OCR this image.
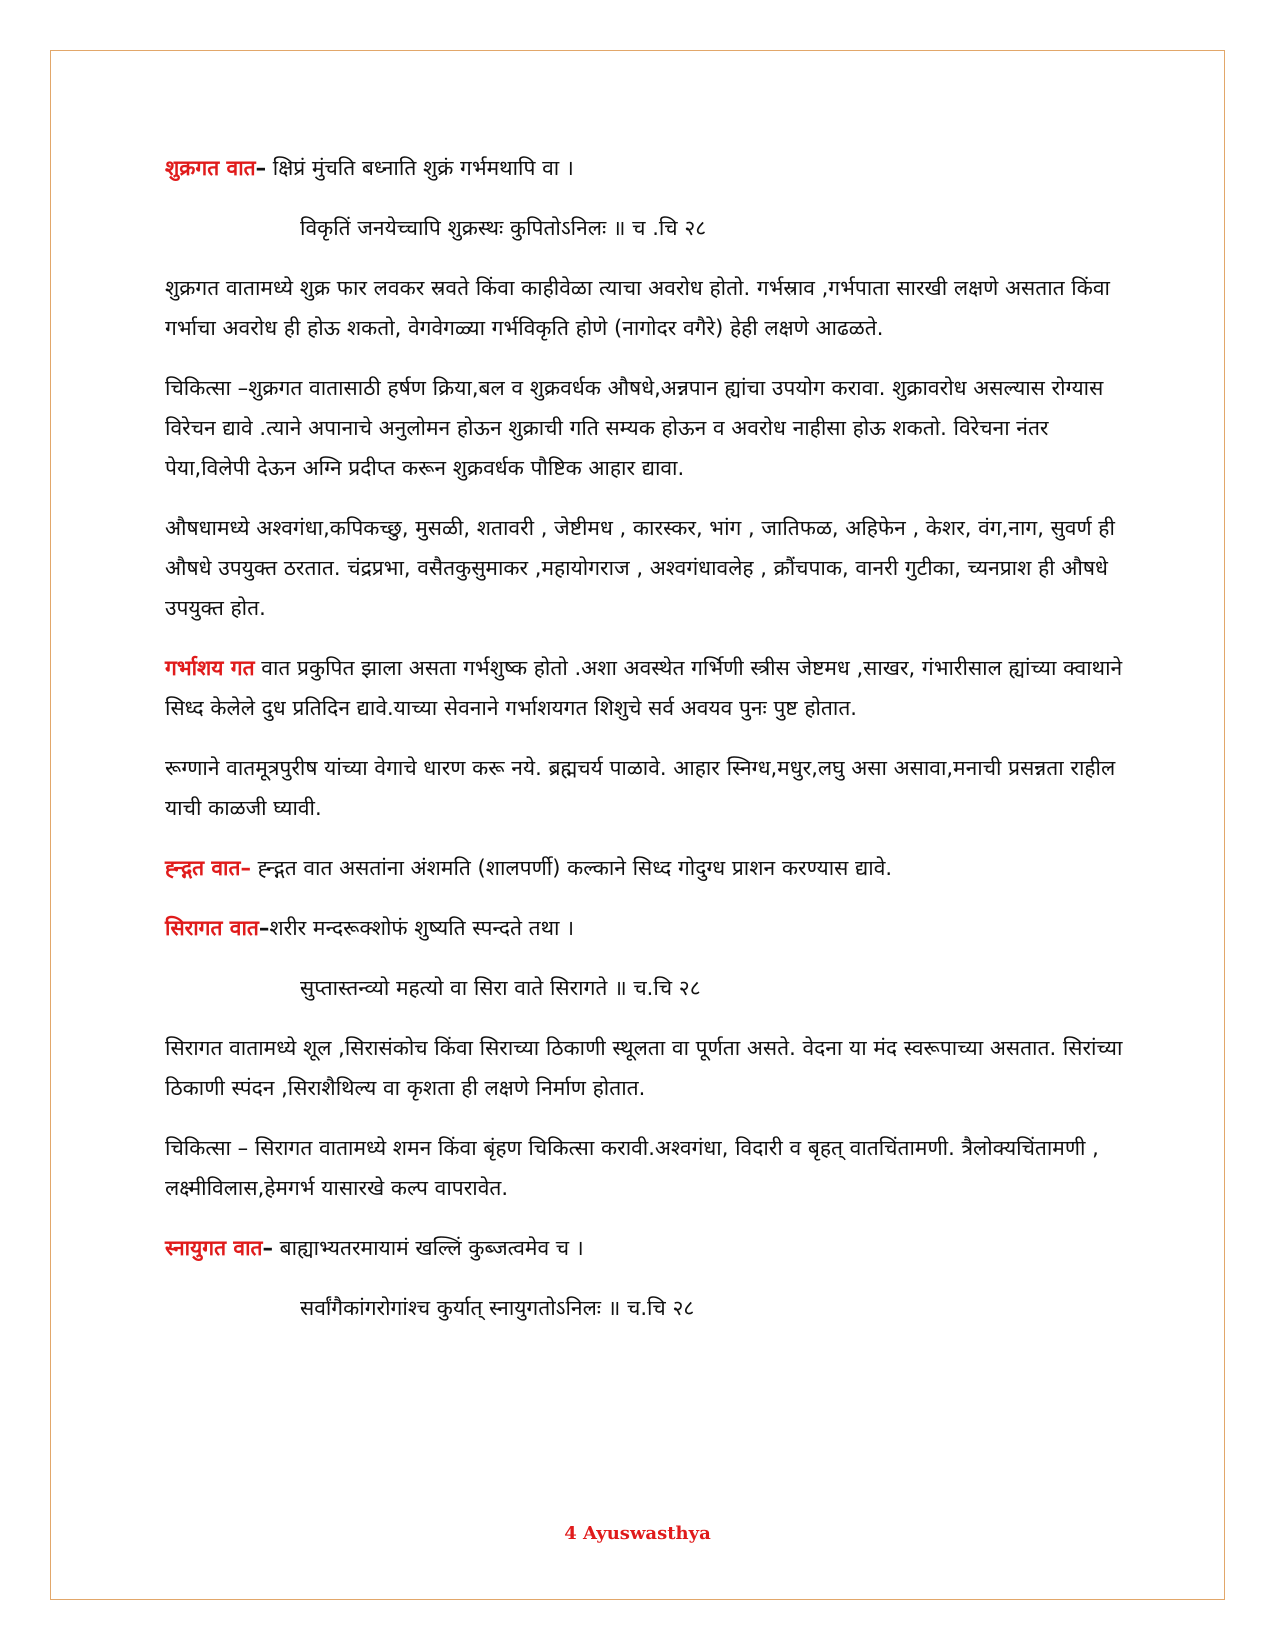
शुक्रगत वात– क्षिप्रं मुंचति बध्नाति शुक्रं गर्भमथापि वा ।

विकृतिं जनयेच्चापि शुक्रस्थः कुपितोऽनिलः ॥ च .चि २८

शुक्रगत वातामध्ये शुक्र फार लवकर स्रवते किंवा काहीवेळा त्याचा अवरोध होतो. गर्भस्राव ,गर्भपाता सारखी लक्षणे असतात किंवा गर्भाचा अवरोध ही होऊ शकतो, वेगवेगळ्या गर्भविकृति होणे (नागोदर वगैरे) हेही लक्षणे आढळते.

चिकित्सा –शुक्रगत वातासाठी हर्षण क्रिया,बल व शुक्रवर्धक औषधे,अन्नपान ह्यांचा उपयोग करावा. शुक्रावरोध असल्यास रोग्यास विरेचन द्यावे .त्याने अपानाचे अनुलोमन होऊन शुक्राची गति सम्यक होऊन व अवरोध नाहीसा होऊ शकतो. विरेचना नंतर पेया,विलेपी देऊन अग्नि प्रदीप्त करून शुक्रवर्धक पौष्टिक आहार द्यावा.

औषधामध्ये अश्वगंधा,कपिकच्छु, मुसळी, शतावरी , जेष्टीमध , कारस्कर, भांग , जातिफळ, अहिफेन , केशर, वंग,नाग, सुवर्ण ही औषधे उपयुक्त ठरतात. चंद्रप्रभा, वसैतकुसुमाकर ,महायोगराज , अश्वगंधावलेह , क्रौंचपाक, वानरी गुटीका, च्यनप्राश ही औषधे उपयुक्त होत.

गर्भाशय गत वात प्रकुपित झाला असता गर्भशुष्क होतो .अशा अवस्थेत गर्भिणी स्त्रीस जेष्टमध ,साखर, गंभारीसाल ह्यांच्या क्वाथाने सिध्द केलेले दुध प्रतिदिन द्यावे.याच्या सेवनाने गर्भाशयगत शिशुचे सर्व अवयव पुनः पुष्ट होतात.

रूग्णाने वातमूत्रपुरीष यांच्या वेगाचे धारण करू नये. ब्रह्मचर्य पाळावे. आहार स्निग्ध,मधुर,लघु असा असावा,मनाची प्रसन्नता राहील याची काळजी घ्यावी.

ह्न्द्गत वात– ह्न्द्गत वात असतांना अंशमति (शालपर्णी) कल्काने सिध्द गोदुग्ध प्राशन करण्यास द्यावे.

सिरागत वात–शरीर मन्दरूक्शोफं शुष्यति स्पन्दते तथा ।

सुप्तास्तन्व्यो महत्यो वा सिरा वाते सिरागते ॥ च.चि २८

सिरागत वातामध्ये शूल ,सिरासंकोच किंवा सिराच्या ठिकाणी स्थूलता वा पूर्णता असते. वेदना या मंद स्वरूपाच्या असतात. सिरांच्या ठिकाणी स्पंदन ,सिराशैथिल्य वा कृशता ही लक्षणे निर्माण होतात.

चिकित्सा – सिरागत वातामध्ये शमन किंवा बृंहण चिकित्सा करावी.अश्वगंधा, विदारी व बृहत् वातचिंतामणी. त्रैलोक्यचिंतामणी , लक्ष्मीविलास,हेमगर्भ यासारखे कल्प वापरावेत.

स्नायुगत वात– बाह्याभ्यतरमायामं खल्लिं कुब्जत्वमेव च ।

सर्वांगैकांगरोगांश्च कुर्यात् स्नायुगतोऽनिलः ॥ च.चि २८

4 Ayuswasthya
